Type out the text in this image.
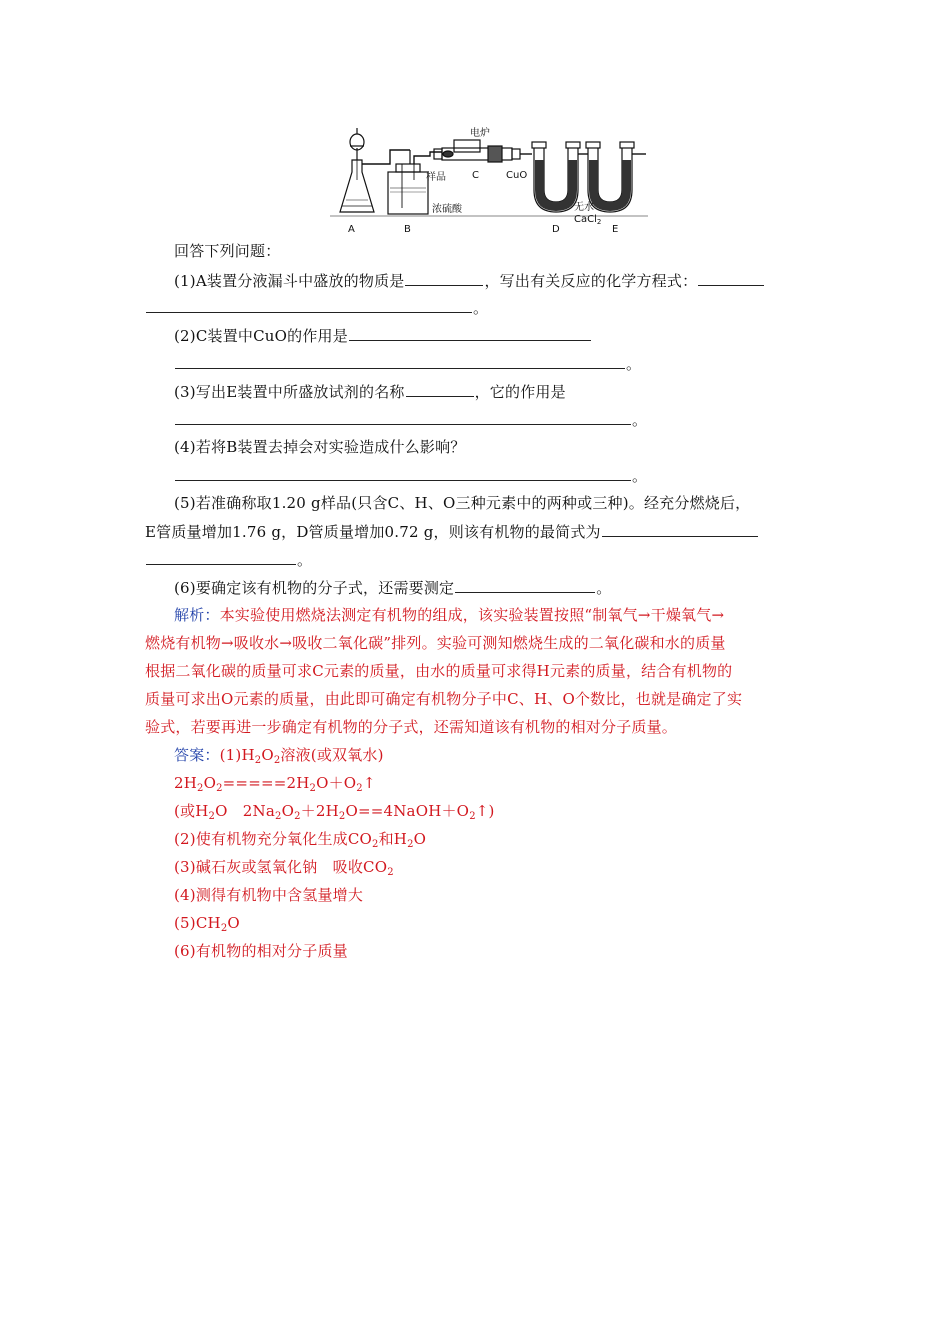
电炉
样品	C	CuO
浓硫酸	无水
CaCl$_2$
A	B	D	E
回答下列问题：
(1)A装置分液漏斗中盛放的物质是	，写出有关反应的化学方程式：
。
(2)C装置中CuO的作用是
。
(3)写出E装置中所盛放试剂的名称	，它的作用是
。
(4)若将B装置去掉会对实验造成什么影响？
。
(5)若准确称取1.20 g样品(只含C、H、O三种元素中的两种或三种)。经充分燃烧后，
E管质量增加1.76 g，D管质量增加0.72 g，则该有机物的最简式为
。
(6)要确定该有机物的分子式，还需要测定	。
解析：本实验使用燃烧法测定有机物的组成，该实验装置按照“制氧气→干燥氧气→
燃烧有机物→吸收水→吸收二氧化碳”排列。实验可测知燃烧生成的二氧化碳和水的质量
根据二氧化碳的质量可求C元素的质量，由水的质量可求得H元素的质量，结合有机物的
质量可求出O元素的质量，由此即可确定有机物分子中C、H、O个数比，也就是确定了实
验式，若要再进一步确定有机物的分子式，还需知道该有机物的相对分子质量。
答案：$(1)H_2O_2$溶液(或双氧水)
$2H_2O_2=====2H_2O+O_2↑$
(或$H_2O$　$2Na_2O_2+2H_2O==4NaOH+O_2↑$)
(2)使有机物充分氧化生成$CO_2$和$H_2O$
(3)碱石灰或氢氧化钠　吸收$CO_2$
(4)测得有机物中含氢量增大
$(5)CH_2O$
(6)有机物的相对分子质量
